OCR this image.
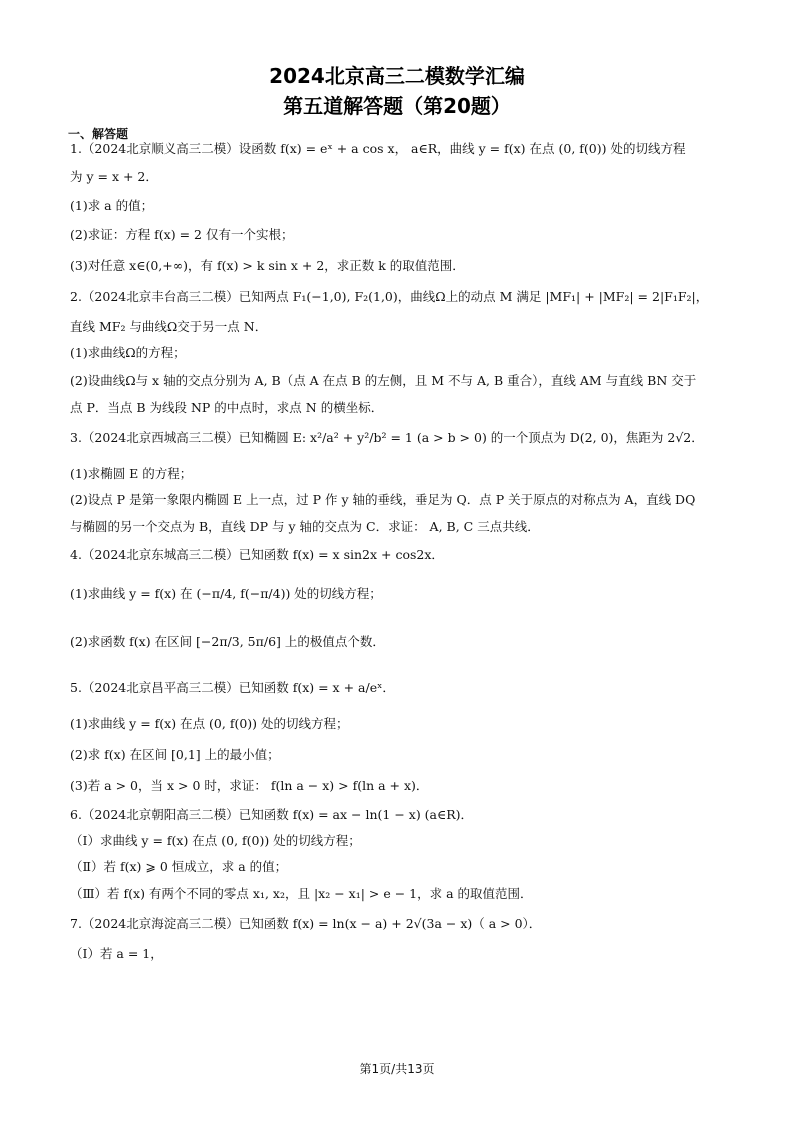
2024北京高三二模数学汇编
第五道解答题（第20题）
一、解答题
1.（2024北京顺义高三二模）设函数 f(x) = eˣ + a cos x， a∈R，曲线 y = f(x) 在点 (0, f(0)) 处的切线方程
为 y = x + 2．
(1)求 a 的值；
(2)求证：方程 f(x) = 2 仅有一个实根；
(3)对任意 x∈(0,+∞)，有 f(x) > k sin x + 2，求正数 k 的取值范围．
2.（2024北京丰台高三二模）已知两点 F₁(−1,0), F₂(1,0)，曲线Ω上的动点 M 满足 |MF₁| + |MF₂| = 2|F₁F₂|，
直线 MF₂ 与曲线Ω交于另一点 N．
(1)求曲线Ω的方程；
(2)设曲线Ω与 x 轴的交点分别为 A, B（点 A 在点 B 的左侧，且 M 不与 A, B 重合），直线 AM 与直线 BN 交于
点 P．当点 B 为线段 NP 的中点时，求点 N 的横坐标．
3.（2024北京西城高三二模）已知椭圆 E: x²/a² + y²/b² = 1 (a > b > 0) 的一个顶点为 D(2, 0)，焦距为 2√2．
(1)求椭圆 E 的方程；
(2)设点 P 是第一象限内椭圆 E 上一点，过 P 作 y 轴的垂线，垂足为 Q．点 P 关于原点的对称点为 A，直线 DQ
与椭圆的另一个交点为 B，直线 DP 与 y 轴的交点为 C．求证： A, B, C 三点共线．
4.（2024北京东城高三二模）已知函数 f(x) = x sin2x + cos2x．
(1)求曲线 y = f(x) 在 (−π/4, f(−π/4)) 处的切线方程；
(2)求函数 f(x) 在区间 [−2π/3, 5π/6] 上的极值点个数．
5.（2024北京昌平高三二模）已知函数 f(x) = x + a/eˣ．
(1)求曲线 y = f(x) 在点 (0, f(0)) 处的切线方程；
(2)求 f(x) 在区间 [0,1] 上的最小值；
(3)若 a > 0，当 x > 0 时，求证： f(ln a − x) > f(ln a + x)．
6.（2024北京朝阳高三二模）已知函数 f(x) = ax − ln(1 − x) (a∈R)．
（Ⅰ）求曲线 y = f(x) 在点 (0, f(0)) 处的切线方程；
（Ⅱ）若 f(x) ⩾ 0 恒成立，求 a 的值；
（Ⅲ）若 f(x) 有两个不同的零点 x₁, x₂，且 |x₂ − x₁| > e − 1，求 a 的取值范围．
7.（2024北京海淀高三二模）已知函数 f(x) = ln(x − a) + 2√(3a − x)（ a > 0）．
（Ⅰ）若 a = 1，
第1页/共13页
